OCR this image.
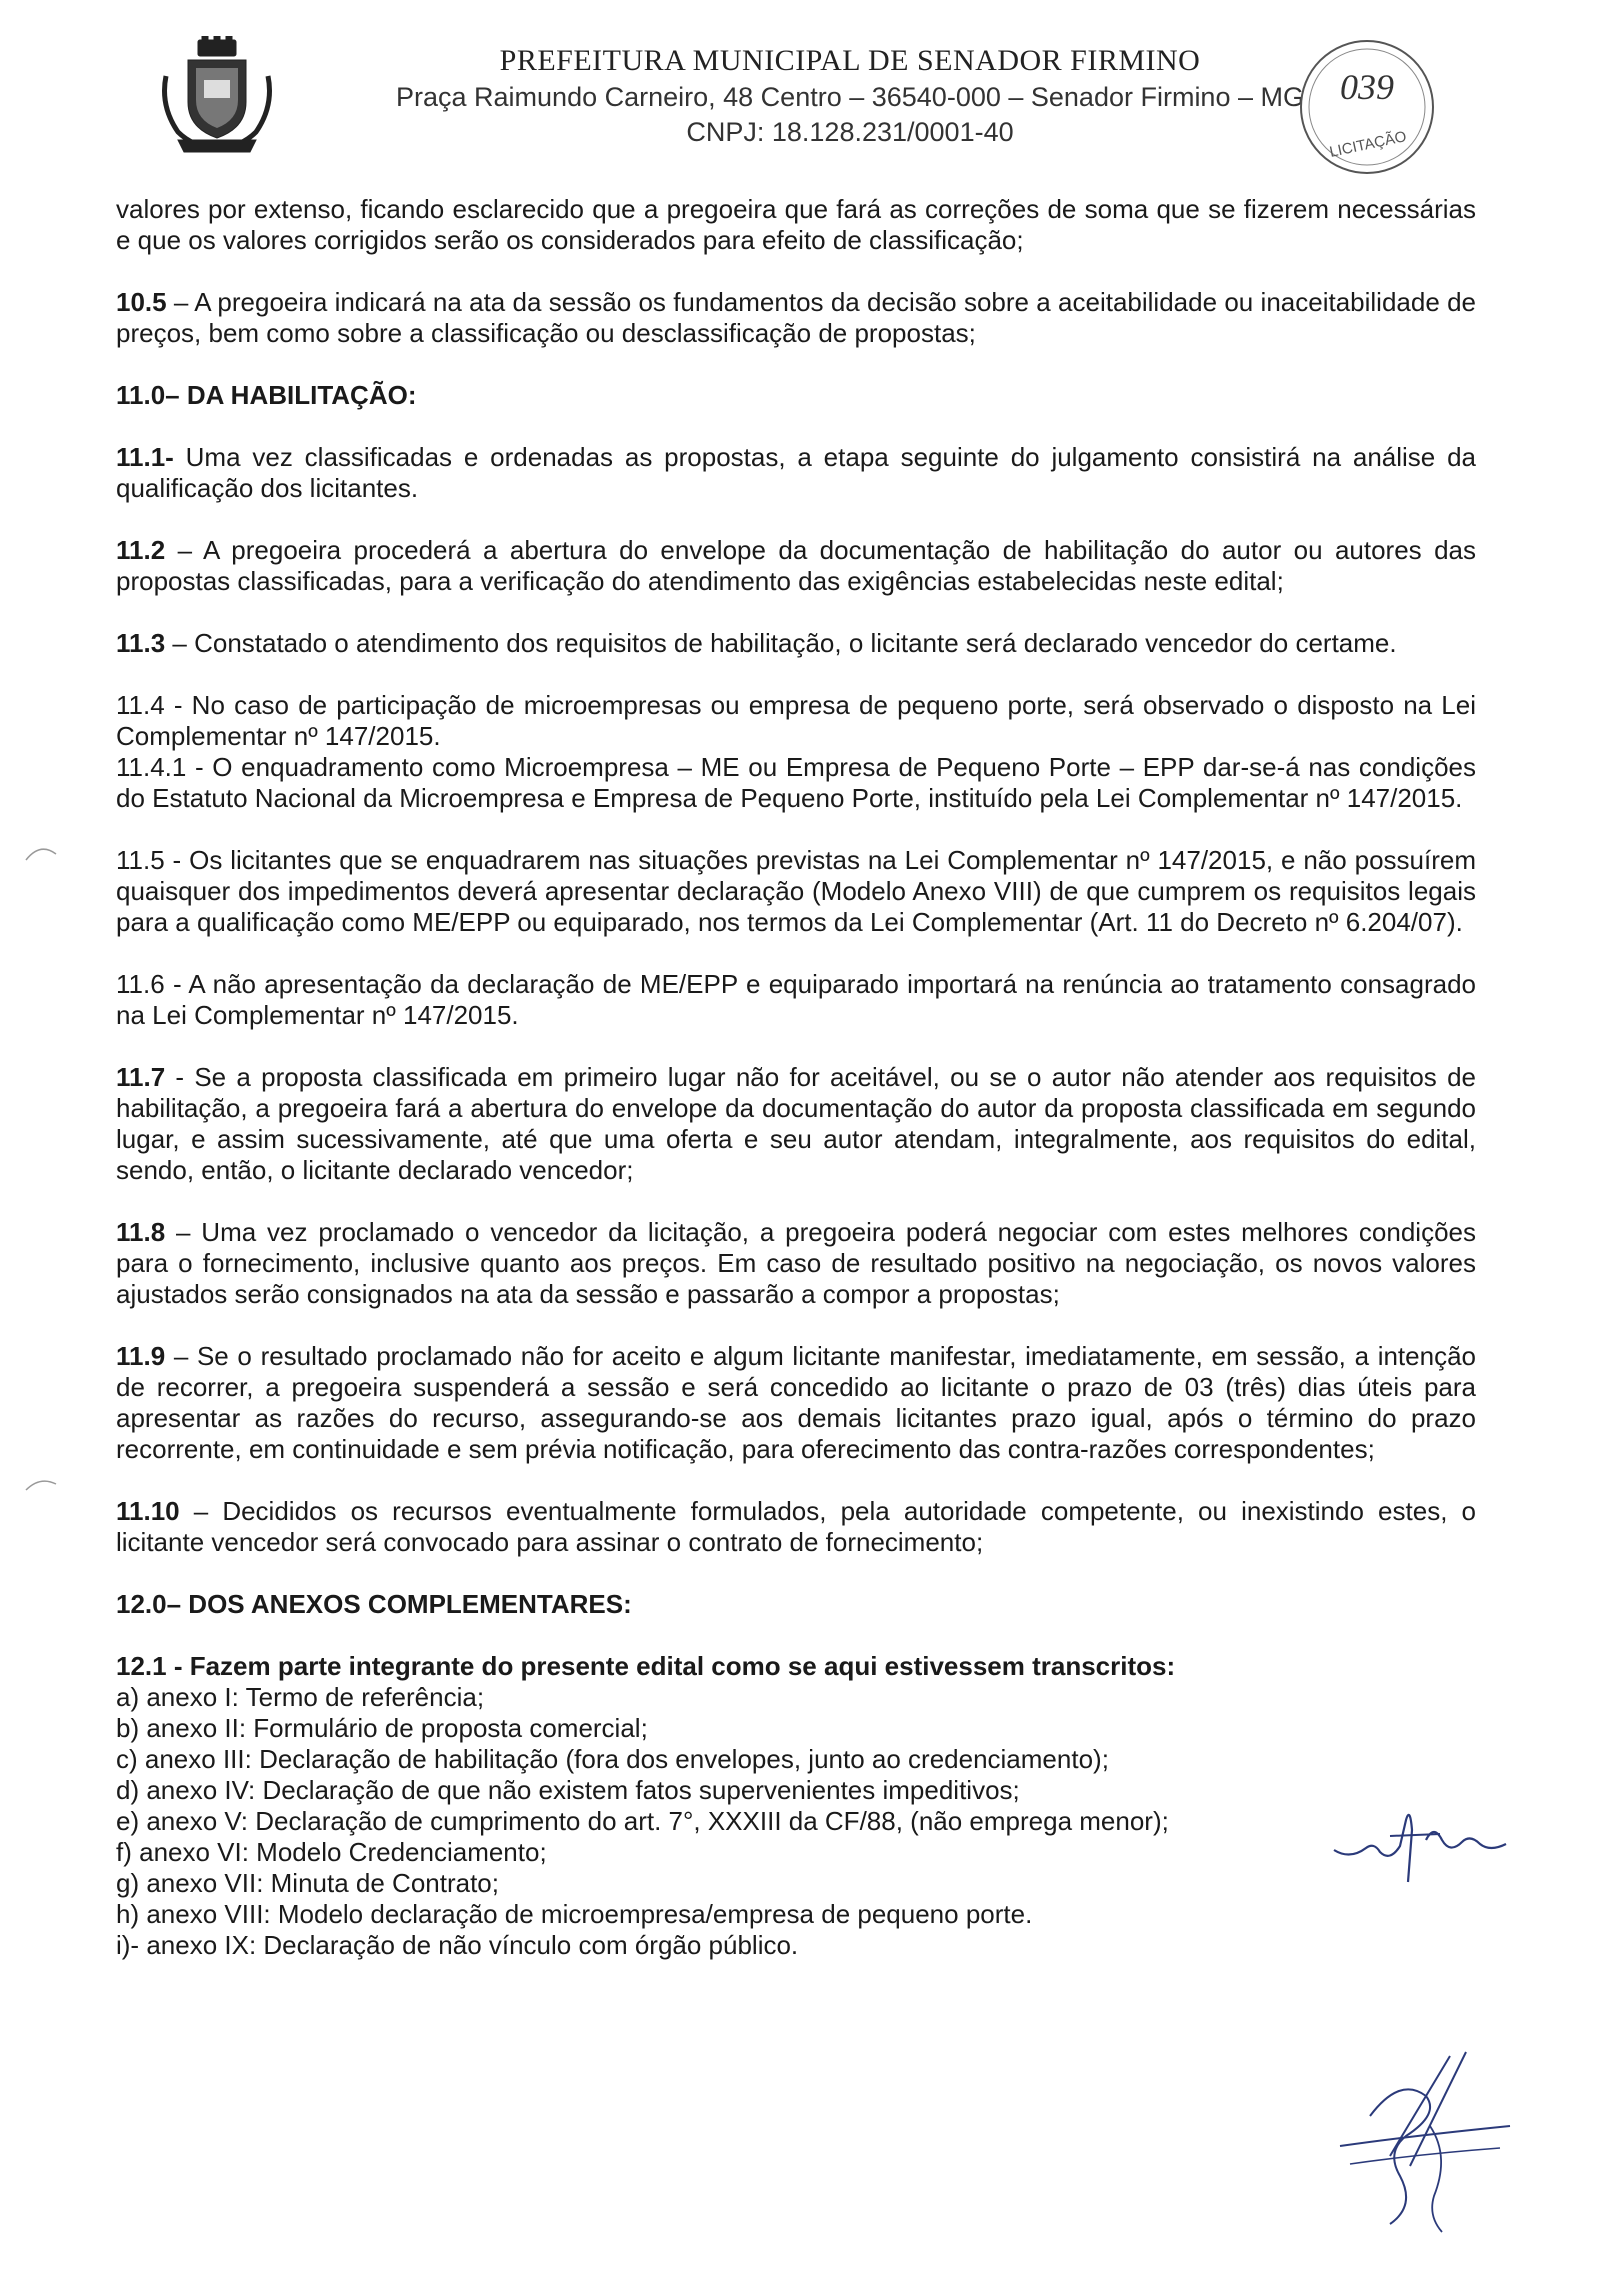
PREFEITURA MUNICIPAL DE SENADOR FIRMINO
Praça Raimundo Carneiro, 48 Centro – 36540-000 – Senador Firmino – MG
CNPJ: 18.128.231/0001-40
039
LICITAÇÃO

valores por extenso, ficando esclarecido que a pregoeira que fará as correções de soma que se fizerem necessárias e que os valores corrigidos serão os considerados para efeito de classificação;

10.5 – A pregoeira indicará na ata da sessão os fundamentos da decisão sobre a aceitabilidade ou inaceitabilidade de preços, bem como sobre a classificação ou desclassificação de propostas;

11.0– DA HABILITAÇÃO:

11.1- Uma vez classificadas e ordenadas as propostas, a etapa seguinte do julgamento consistirá na análise da qualificação dos licitantes.

11.2 – A pregoeira procederá a abertura do envelope da documentação de habilitação do autor ou autores das propostas classificadas, para a verificação do atendimento das exigências estabelecidas neste edital;

11.3 – Constatado o atendimento dos requisitos de habilitação, o licitante será declarado vencedor do certame.

11.4 - No caso de participação de microempresas ou empresa de pequeno porte, será observado o disposto na Lei Complementar nº 147/2015.

11.4.1 - O enquadramento como Microempresa – ME ou Empresa de Pequeno Porte – EPP dar-se-á nas condições do Estatuto Nacional da Microempresa e Empresa de Pequeno Porte, instituído pela Lei Complementar nº 147/2015.

11.5 - Os licitantes que se enquadrarem nas situações previstas na Lei Complementar nº 147/2015, e não possuírem quaisquer dos impedimentos deverá apresentar declaração (Modelo Anexo VIII) de que cumprem os requisitos legais para a qualificação como ME/EPP ou equiparado, nos termos da Lei Complementar (Art. 11 do Decreto nº 6.204/07).

11.6 - A não apresentação da declaração de ME/EPP e equiparado importará na renúncia ao tratamento consagrado na Lei Complementar nº 147/2015.

11.7 - Se a proposta classificada em primeiro lugar não for aceitável, ou se o autor não atender aos requisitos de habilitação, a pregoeira fará a abertura do envelope da documentação do autor da proposta classificada em segundo lugar, e assim sucessivamente, até que uma oferta e seu autor atendam, integralmente, aos requisitos do edital, sendo, então, o licitante declarado vencedor;

11.8 – Uma vez proclamado o vencedor da licitação, a pregoeira poderá negociar com estes melhores condições para o fornecimento, inclusive quanto aos preços. Em caso de resultado positivo na negociação, os novos valores ajustados serão consignados na ata da sessão e passarão a compor a propostas;

11.9 – Se o resultado proclamado não for aceito e algum licitante manifestar, imediatamente, em sessão, a intenção de recorrer, a pregoeira suspenderá a sessão e será concedido ao licitante o prazo de 03 (três) dias úteis para apresentar as razões do recurso, assegurando-se aos demais licitantes prazo igual, após o término do prazo recorrente, em continuidade e sem prévia notificação, para oferecimento das contra-razões correspondentes;

11.10 – Decididos os recursos eventualmente formulados, pela autoridade competente, ou inexistindo estes, o licitante vencedor será convocado para assinar o contrato de fornecimento;

12.0– DOS ANEXOS COMPLEMENTARES:

12.1 - Fazem parte integrante do presente edital como se aqui estivessem transcritos:

a) anexo I: Termo de referência;

b) anexo II: Formulário de proposta comercial;

c) anexo III: Declaração de habilitação (fora dos envelopes, junto ao credenciamento);

d) anexo IV: Declaração de que não existem fatos supervenientes impeditivos;

e) anexo V: Declaração de cumprimento do art. 7°, XXXIII da CF/88, (não emprega menor);

f) anexo VI: Modelo Credenciamento;

g) anexo VII: Minuta de Contrato;

h) anexo VIII: Modelo declaração de microempresa/empresa de pequeno porte.

i)- anexo IX: Declaração de não vínculo com órgão público.
